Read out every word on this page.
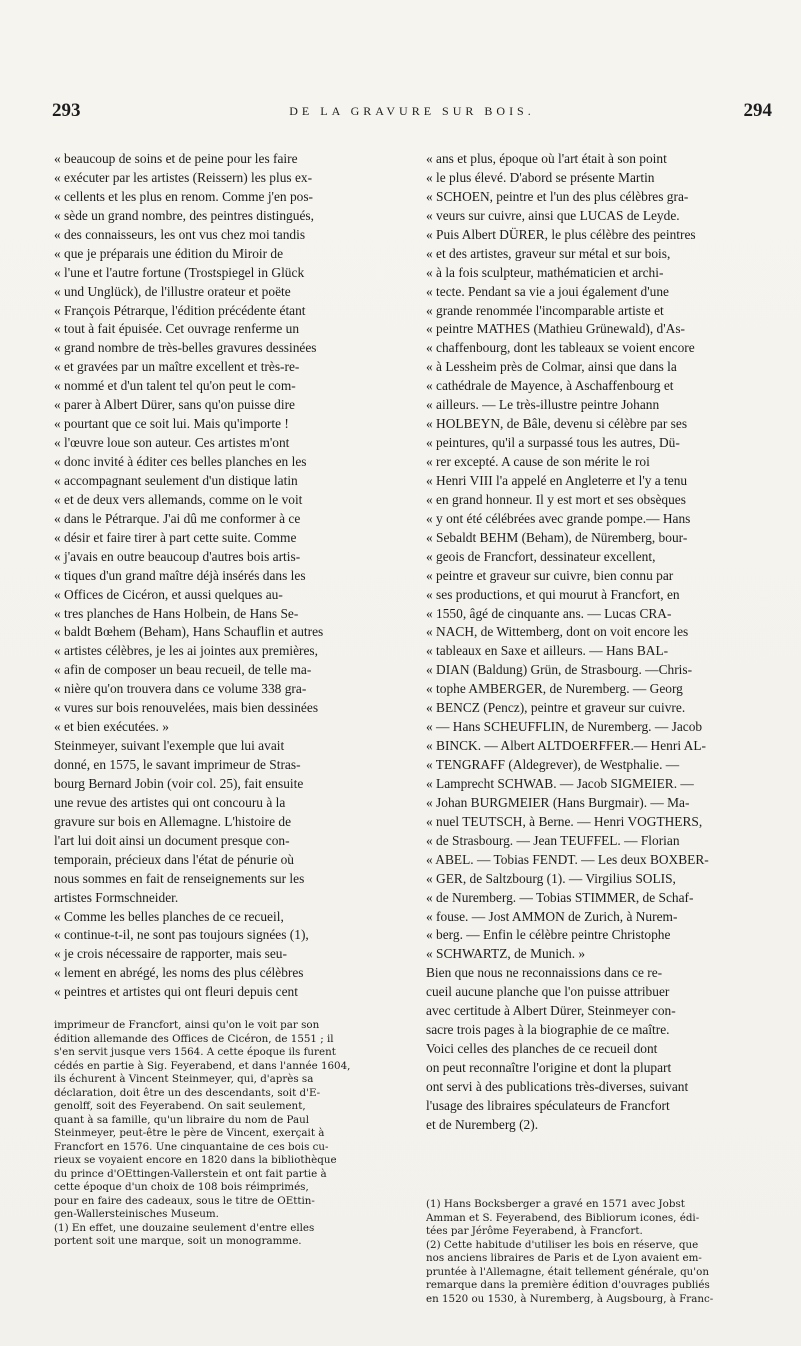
293	DE LA GRAVURE SUR BOIS.	294
« beaucoup de soins et de peine pour les faire
« exécuter par les artistes (Reissern) les plus ex-
« cellents et les plus en renom. Comme j'en pos-
« sède un grand nombre, des peintres distingués,
« des connaisseurs, les ont vus chez moi tandis
« que je préparais une édition du Miroir de
« l'une et l'autre fortune (Trostspiegel in Glück
« und Unglück), de l'illustre orateur et poëte
« François Pétrarque, l'édition précédente étant
« tout à fait épuisée. Cet ouvrage renferme un
« grand nombre de très-belles gravures dessinées
« et gravées par un maître excellent et très-re-
« nommé et d'un talent tel qu'on peut le com-
« parer à Albert Dürer, sans qu'on puisse dire
« pourtant que ce soit lui. Mais qu'importe !
« l'œuvre loue son auteur. Ces artistes m'ont
« donc invité à éditer ces belles planches en les
« accompagnant seulement d'un distique latin
« et de deux vers allemands, comme on le voit
« dans le Pétrarque. J'ai dû me conformer à ce
« désir et faire tirer à part cette suite. Comme
« j'avais en outre beaucoup d'autres bois artis-
« tiques d'un grand maître déjà insérés dans les
« Offices de Cicéron, et aussi quelques au-
« tres planches de Hans Holbein, de Hans Se-
« baldt Bœhem (Beham), Hans Schauflin et autres
« artistes célèbres, je les ai jointes aux premières,
« afin de composer un beau recueil, de telle ma-
« nière qu'on trouvera dans ce volume 338 gra-
« vures sur bois renouvelées, mais bien dessinées
« et bien exécutées. »
Steinmeyer, suivant l'exemple que lui avait
donné, en 1575, le savant imprimeur de Stras-
bourg Bernard Jobin (voir col. 25), fait ensuite
une revue des artistes qui ont concouru à la
gravure sur bois en Allemagne. L'histoire de
l'art lui doit ainsi un document presque con-
temporain, précieux dans l'état de pénurie où
nous sommes en fait de renseignements sur les
artistes Formschneider.
« Comme les belles planches de ce recueil,
« continue-t-il, ne sont pas toujours signées (1),
« je crois nécessaire de rapporter, mais seu-
« lement en abrégé, les noms des plus célèbres
« peintres et artistes qui ont fleuri depuis cent
« ans et plus, époque où l'art était à son point
« le plus élevé. D'abord se présente Martin
« SCHOEN, peintre et l'un des plus célèbres gra-
« veurs sur cuivre, ainsi que LUCAS de Leyde.
« Puis Albert DÜRER, le plus célèbre des peintres
« et des artistes, graveur sur métal et sur bois,
« à la fois sculpteur, mathématicien et archi-
« tecte. Pendant sa vie a joui également d'une
« grande renommée l'incomparable artiste et
« peintre MATHES (Mathieu Grünewald), d'As-
« chaffenbourg, dont les tableaux se voient encore
« à Lessheim près de Colmar, ainsi que dans la
« cathédrale de Mayence, à Aschaffenbourg et
« ailleurs. — Le très-illustre peintre Johann
« HOLBEYN, de Bâle, devenu si célèbre par ses
« peintures, qu'il a surpassé tous les autres, Dü-
« rer excepté. A cause de son mérite le roi
« Henri VIII l'a appelé en Angleterre et l'y a tenu
« en grand honneur. Il y est mort et ses obsèques
« y ont été célébrées avec grande pompe.— Hans
« Sebaldt BEHM (Beham), de Nüremberg, bour-
« geois de Francfort, dessinateur excellent,
« peintre et graveur sur cuivre, bien connu par
« ses productions, et qui mourut à Francfort, en
« 1550, âgé de cinquante ans. — Lucas CRA-
« NACH, de Wittemberg, dont on voit encore les
« tableaux en Saxe et ailleurs. — Hans BAL-
« DIAN (Baldung) Grün, de Strasbourg. —Chris-
« tophe AMBERGER, de Nuremberg. — Georg
« BENCZ (Pencz), peintre et graveur sur cuivre.
« — Hans SCHEUFFLIN, de Nuremberg. — Jacob
« BINCK. — Albert ALTDOERFFER.— Henri AL-
« TENGRAFF (Aldegrever), de Westphalie. —
« Lamprecht SCHWAB. — Jacob SIGMEIER. —
« Johan BURGMEIER (Hans Burgmair). — Ma-
« nuel TEUTSCH, à Berne. — Henri VOGTHERS,
« de Strasbourg. — Jean TEUFFEL. — Florian
« ABEL. — Tobias FENDT. — Les deux BOXBER-
« GER, de Saltzbourg (1). — Virgilius SOLIS,
« de Nuremberg. — Tobias STIMMER, de Schaf-
« fouse. — Jost AMMON de Zurich, à Nurem-
« berg. — Enfin le célèbre peintre Christophe
« SCHWARTZ, de Munich. »
Bien que nous ne reconnaissions dans ce re-
cueil aucune planche que l'on puisse attribuer
avec certitude à Albert Dürer, Steinmeyer con-
sacre trois pages à la biographie de ce maître.
Voici celles des planches de ce recueil dont
on peut reconnaître l'origine et dont la plupart
ont servi à des publications très-diverses, suivant
l'usage des libraires spéculateurs de Francfort
et de Nuremberg (2).
imprimeur de Francfort, ainsi qu'on le voit par son
édition allemande des Offices de Cicéron, de 1551 ; il
s'en servit jusque vers 1564. A cette époque ils furent
cédés en partie à Sig. Feyerabend, et dans l'année 1604,
ils échurent à Vincent Steinmeyer, qui, d'après sa
déclaration, doit être un des descendants, soit d'E-
genolff, soit des Feyerabend. On sait seulement,
quant à sa famille, qu'un libraire du nom de Paul
Steinmeyer, peut-être le père de Vincent, exerçait à
Francfort en 1576. Une cinquantaine de ces bois cu-
rieux se voyaient encore en 1820 dans la bibliothèque
du prince d'OEttingen-Vallerstein et ont fait partie à
cette époque d'un choix de 108 bois réimprimés,
pour en faire des cadeaux, sous le titre de OEttin-
gen-Wallersteinisches Museum.
(1) En effet, une douzaine seulement d'entre elles
portent soit une marque, soit un monogramme.
(1) Hans Bocksberger a gravé en 1571 avec Jobst
Amman et S. Feyerabend, des Bibliorum icones, édi-
tées par Jérôme Feyerabend, à Francfort.
(2) Cette habitude d'utiliser les bois en réserve, que
nos anciens libraires de Paris et de Lyon avaient em-
pruntée à l'Allemagne, était tellement générale, qu'on
remarque dans la première édition d'ouvrages publiés
en 1520 ou 1530, à Nuremberg, à Augsbourg, à Franc-
